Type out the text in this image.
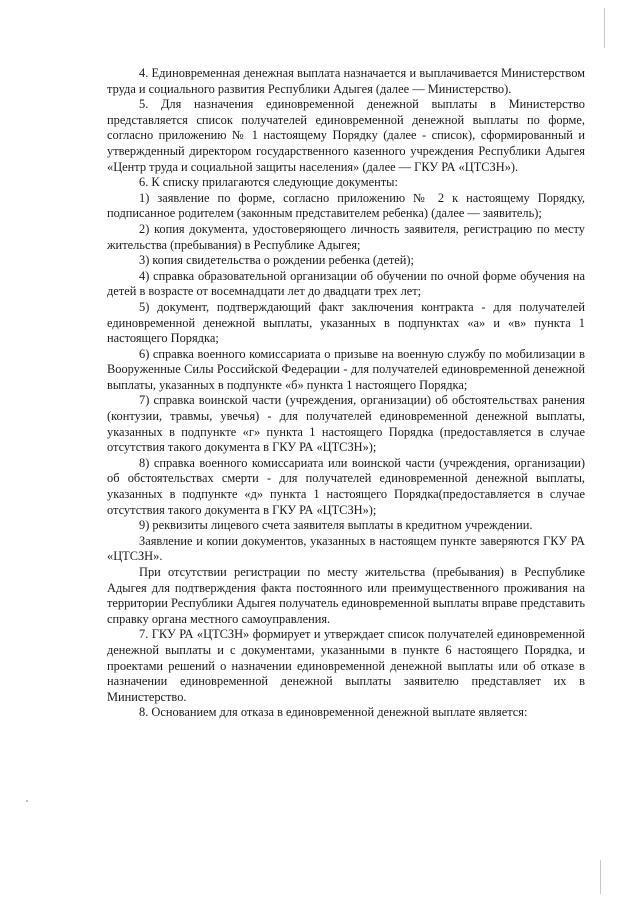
4. Единовременная денежная выплата назначается и выплачивается Министерством труда и социального развития Республики Адыгея (далее — Министерство).

5. Для назначения единовременной денежной выплаты в Министерство представляется список получателей единовременной денежной выплаты по форме, согласно приложению № 1 настоящему Порядку (далее - список), сформированный и утвержденный директором государственного казенного учреждения Республики Адыгея «Центр труда и социальной защиты населения» (далее — ГКУ РА «ЦТСЗН»).

6. К списку прилагаются следующие документы:

1) заявление по форме, согласно приложению № 2 к настоящему Порядку, подписанное родителем (законным представителем ребенка) (далее — заявитель);

2) копия документа, удостоверяющего личность заявителя, регистрацию по месту жительства (пребывания) в Республике Адыгея;

3) копия свидетельства о рождении ребенка (детей);

4) справка образовательной организации об обучении по очной форме обучения на детей в возрасте от восемнадцати лет до двадцати трех лет;

5) документ, подтверждающий факт заключения контракта - для получателей единовременной денежной выплаты, указанных в подпунктах «а» и «в» пункта 1 настоящего Порядка;

6) справка военного комиссариата о призыве на военную службу по мобилизации в Вооруженные Силы Российской Федерации - для получателей единовременной денежной выплаты, указанных в подпункте «б» пункта 1 настоящего Порядка;

7) справка воинской части (учреждения, организации) об обстоятельствах ранения (контузии, травмы, увечья) - для получателей единовременной денежной выплаты, указанных в подпункте «г» пункта 1 настоящего Порядка (предоставляется в случае отсутствия такого документа в ГКУ РА «ЦТСЗН»);

8) справка военного комиссариата или воинской части (учреждения, организации) об обстоятельствах смерти - для получателей единовременной денежной выплаты, указанных в подпункте «д» пункта 1 настоящего Порядка(предоставляется в случае отсутствия такого документа в ГКУ РА «ЦТСЗН»);

9) реквизиты лицевого счета заявителя выплаты в кредитном учреждении.

Заявление и копии документов, указанных в настоящем пункте заверяются ГКУ РА «ЦТСЗН».

При отсутствии регистрации по месту жительства (пребывания) в Республике Адыгея для подтверждения факта постоянного или преимущественного проживания на территории Республики Адыгея получатель единовременной выплаты вправе представить справку органа местного самоуправления.

7. ГКУ РА «ЦТСЗН» формирует и утверждает список получателей единовременной денежной выплаты и с документами, указанными в пункте 6 настоящего Порядка, и проектами решений о назначении единовременной денежной выплаты или об отказе в назначении единовременной денежной выплаты заявителю представляет их в Министерство.

8. Основанием для отказа в единовременной денежной выплате является:
